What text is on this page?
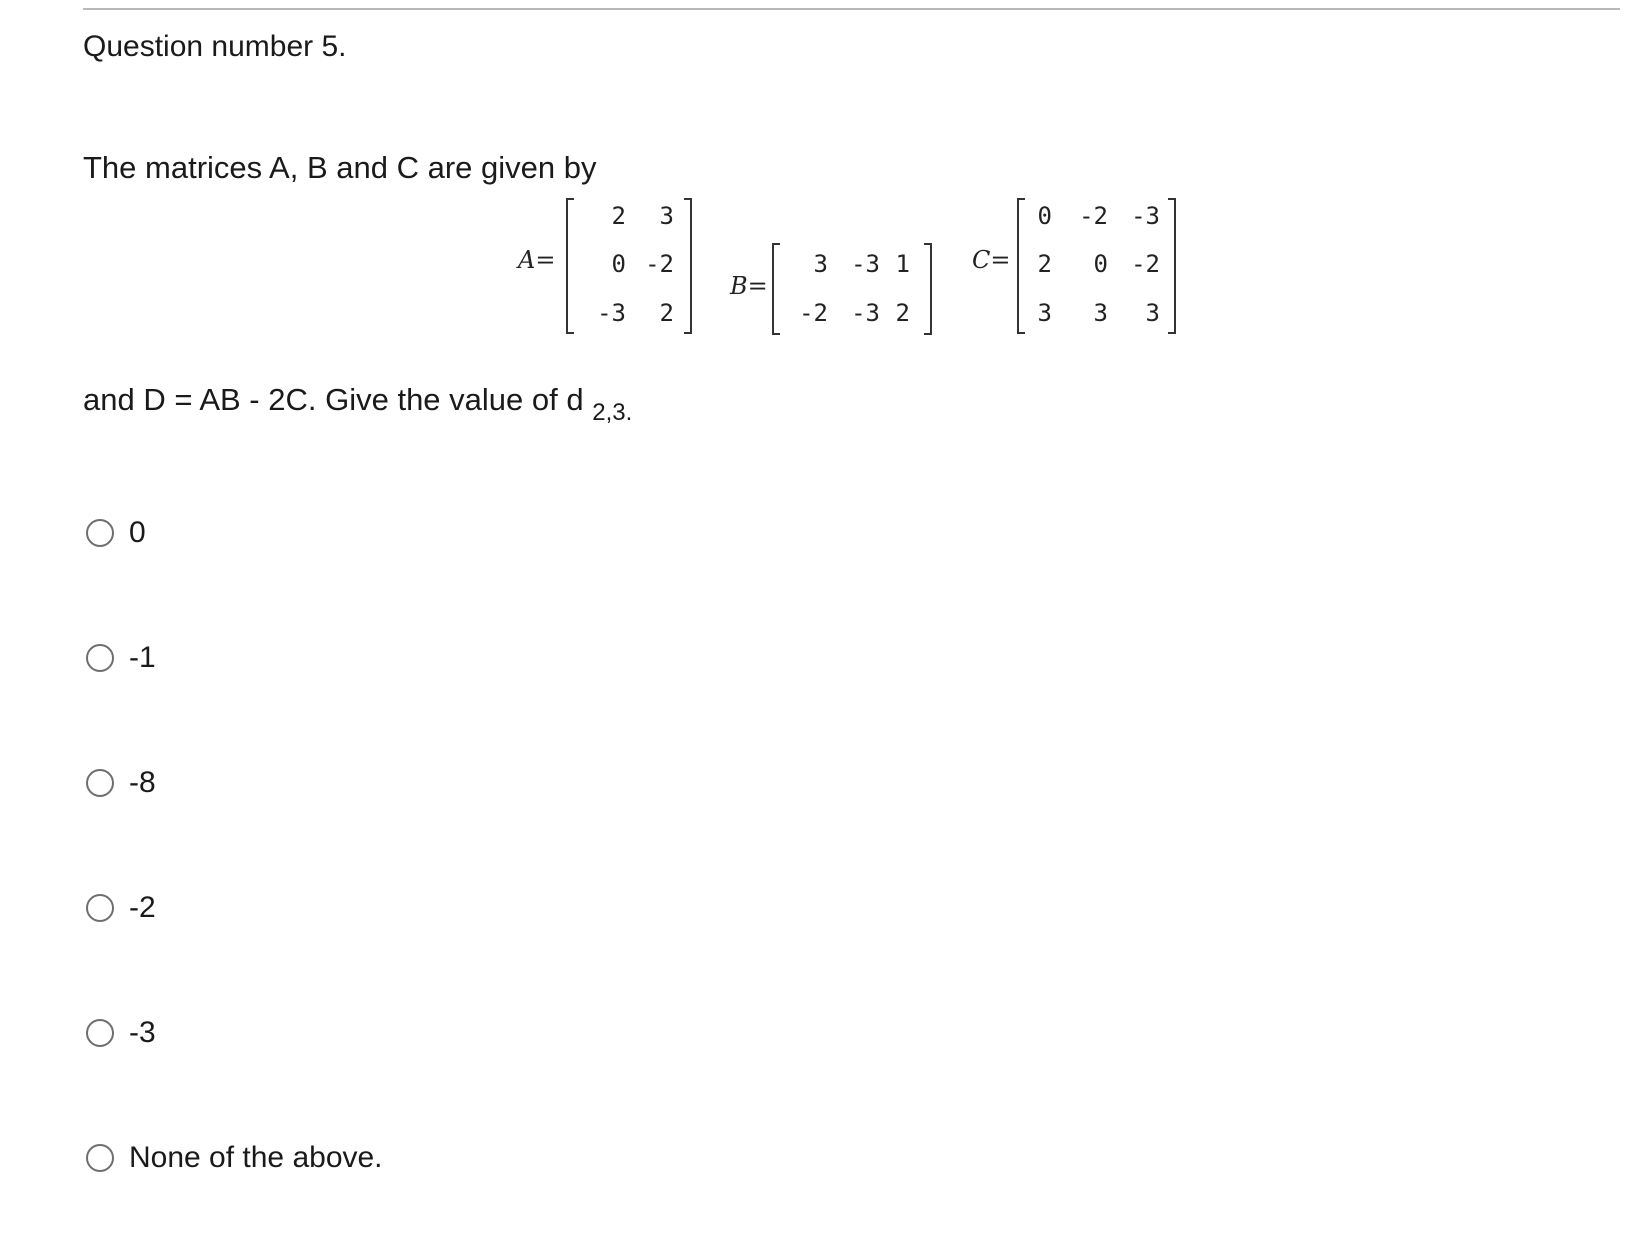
Question number 5.
The matrices A, B and C are given by
A=
2	3
0 -2
-3	2
B=
3 -3 1
-2 -3 2
C=
0	-2 -3
2	0 -2
3	3	3
and D = AB - 2C. Give the value of d $_{2,3.}$
0
-1
-8
-2
-3
None of the above.
